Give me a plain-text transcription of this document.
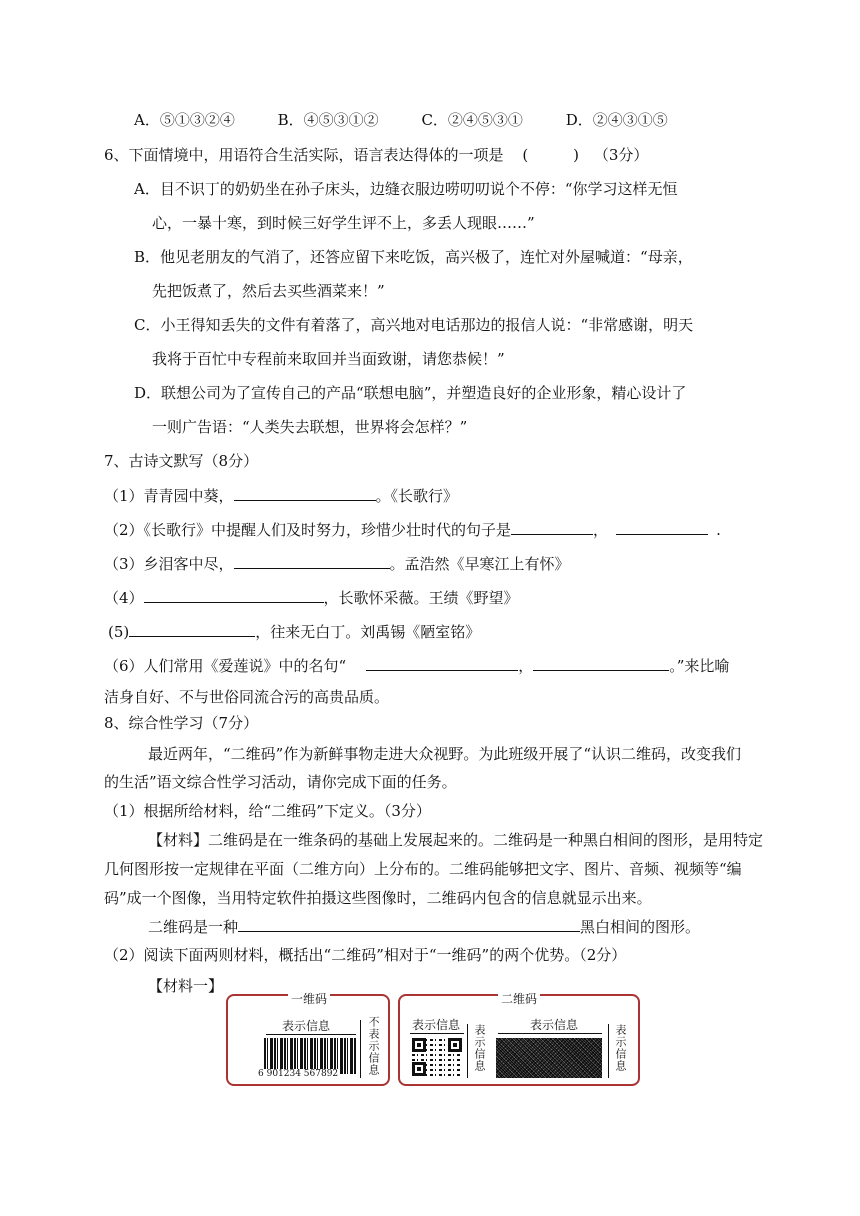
A．⑤①③②④	B．④⑤③①②	C．②④⑤③①	D．②④③①⑤
6、下面情境中，用语符合生活实际，语言表达得体的一项是 (　　　) （3分）
A．目不识丁的奶奶坐在孙子床头，边缝衣服边唠叨叨说个不停：“你学习这样无恒
心，一暴十寒，到时候三好学生评不上，多丢人现眼……”
B．他见老朋友的气消了，还答应留下来吃饭，高兴极了，连忙对外屋喊道：“母亲，
先把饭煮了，然后去买些酒菜来！”
C．小王得知丢失的文件有着落了，高兴地对电话那边的报信人说：“非常感谢，明天
我将于百忙中专程前来取回并当面致谢，请您恭候！”
D．联想公司为了宣传自己的产品“联想电脑”，并塑造良好的企业形象，精心设计了
一则广告语：“人类失去联想，世界将会怎样？”
7、古诗文默写（8分）
（1）青青园中葵，	。《长歌行》
（2）《长歌行》中提醒人们及时努力，珍惜少壮时代的句子是	，	.
（3）乡泪客中尽，	。孟浩然《早寒江上有怀》
（4）	，长歌怀采薇。王绩《野望》
(5)	，往来无白丁。刘禹锡《陋室铭》
（6）人们常用《爱莲说》中的名句“	，	。”来比喻
洁身自好、不与世俗同流合污的高贵品质。
8、综合性学习（7分）
最近两年，“二维码”作为新鲜事物走进大众视野。为此班级开展了“认识二维码，改变我们
的生活”语文综合性学习活动，请你完成下面的任务。
（1）根据所给材料，给“二维码”下定义。（3分）
【材料】二维码是在一维条码的基础上发展起来的。二维码是一种黑白相间的图形，是用特定
几何图形按一定规律在平面（二维方向）上分布的。二维码能够把文字、图片、音频、视频等“编
码”成一个图像，当用特定软件拍摄这些图像时，二维码内包含的信息就显示出来。
二维码是一种	黑白相间的图形。
（2）阅读下面两则材料，概括出“二维码”相对于“一维码”的两个优势。（2分）
【材料一】
一维码
表示信息
6 901234 567892	不表示信息
二维码
表示信息 表示信息	表示信息	表示信息
